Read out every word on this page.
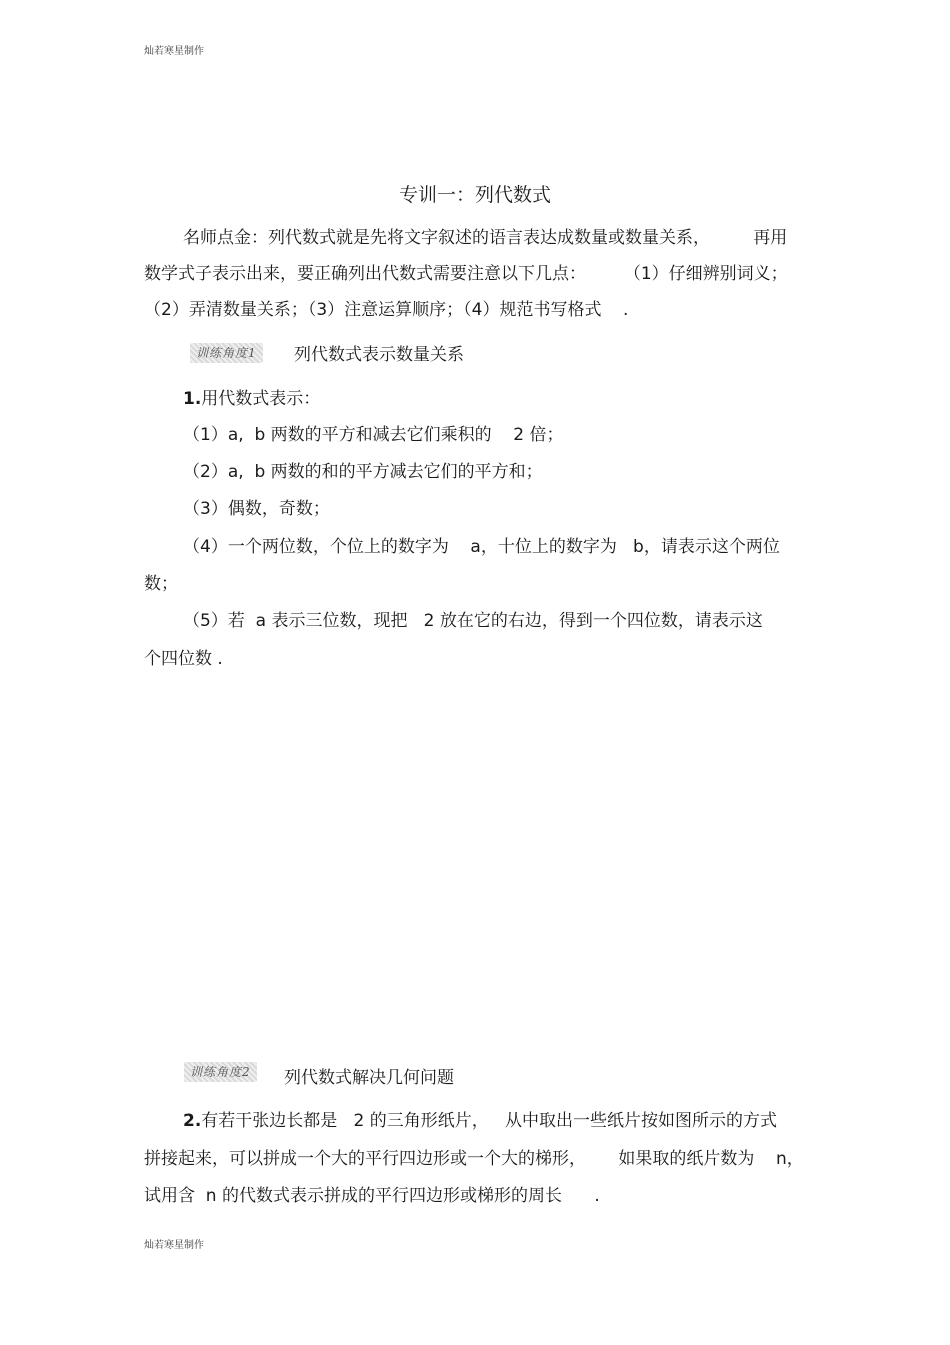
灿若寒星制作
专训一：列代数式
名师点金：列代数式就是先将文字叙述的语言表达成数量或数量关系，        再用
数学式子表示出来，要正确列出代数式需要注意以下几点：       （1）仔细辨别词义；
（2）弄清数量关系；（3）注意运算顺序；（4）规范书写格式    .
训练角度1	列代数式表示数量关系
1.用代数式表示：
（1）a,  b 两数的平方和减去它们乘积的    2 倍；
（2）a,  b 两数的和的平方减去它们的平方和；
（3）偶数，奇数；
（4）一个两位数，个位上的数字为    a，十位上的数字为   b，请表示这个两位
数；
（5）若  a 表示三位数，现把   2 放在它的右边，得到一个四位数，请表示这
个四位数 .
训练角度2	列代数式解决几何问题
2.有若干张边长都是   2 的三角形纸片，   从中取出一些纸片按如图所示的方式
拼接起来，可以拼成一个大的平行四边形或一个大的梯形，      如果取的纸片数为    n，
试用含  n 的代数式表示拼成的平行四边形或梯形的周长      .
灿若寒星制作
